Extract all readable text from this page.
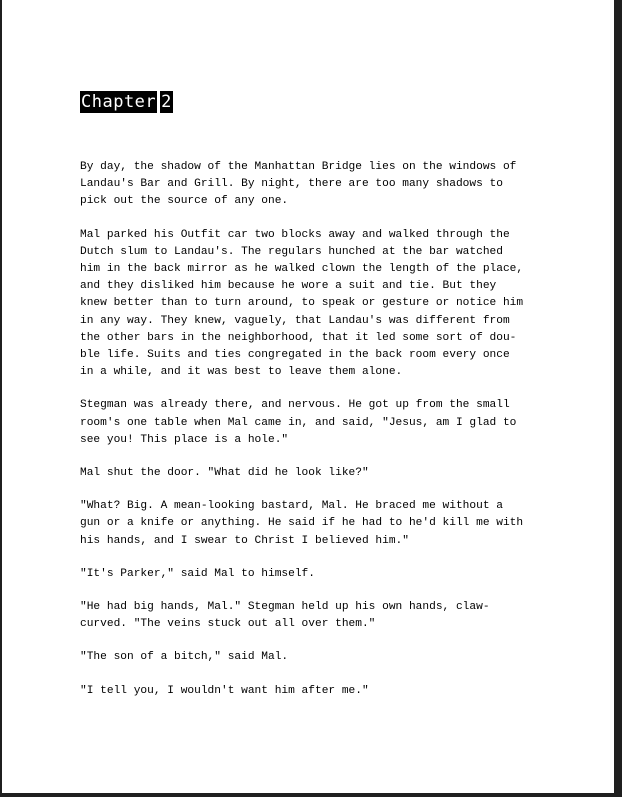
Chapter 2

By day, the shadow of the Manhattan Bridge lies on the windows of
Landau's Bar and Grill. By night, there are too many shadows to
pick out the source of any one.

Mal parked his Outfit car two blocks away and walked through the
Dutch slum to Landau's. The regulars hunched at the bar watched
him in the back mirror as he walked clown the length of the place,
and they disliked him because he wore a suit and tie. But they
knew better than to turn around, to speak or gesture or notice him
in any way. They knew, vaguely, that Landau's was different from
the other bars in the neighborhood, that it led some sort of dou-
ble life. Suits and ties congregated in the back room every once
in a while, and it was best to leave them alone.

Stegman was already there, and nervous. He got up from the small
room's one table when Mal came in, and said, "Jesus, am I glad to
see you! This place is a hole."

Mal shut the door. "What did he look like?"

"What? Big. A mean-looking bastard, Mal. He braced me without a
gun or a knife or anything. He said if he had to he'd kill me with
his hands, and I swear to Christ I believed him."

"It's Parker," said Mal to himself.

"He had big hands, Mal." Stegman held up his own hands, claw-
curved. "The veins stuck out all over them."

"The son of a bitch," said Mal.

"I tell you, I wouldn't want him after me."
